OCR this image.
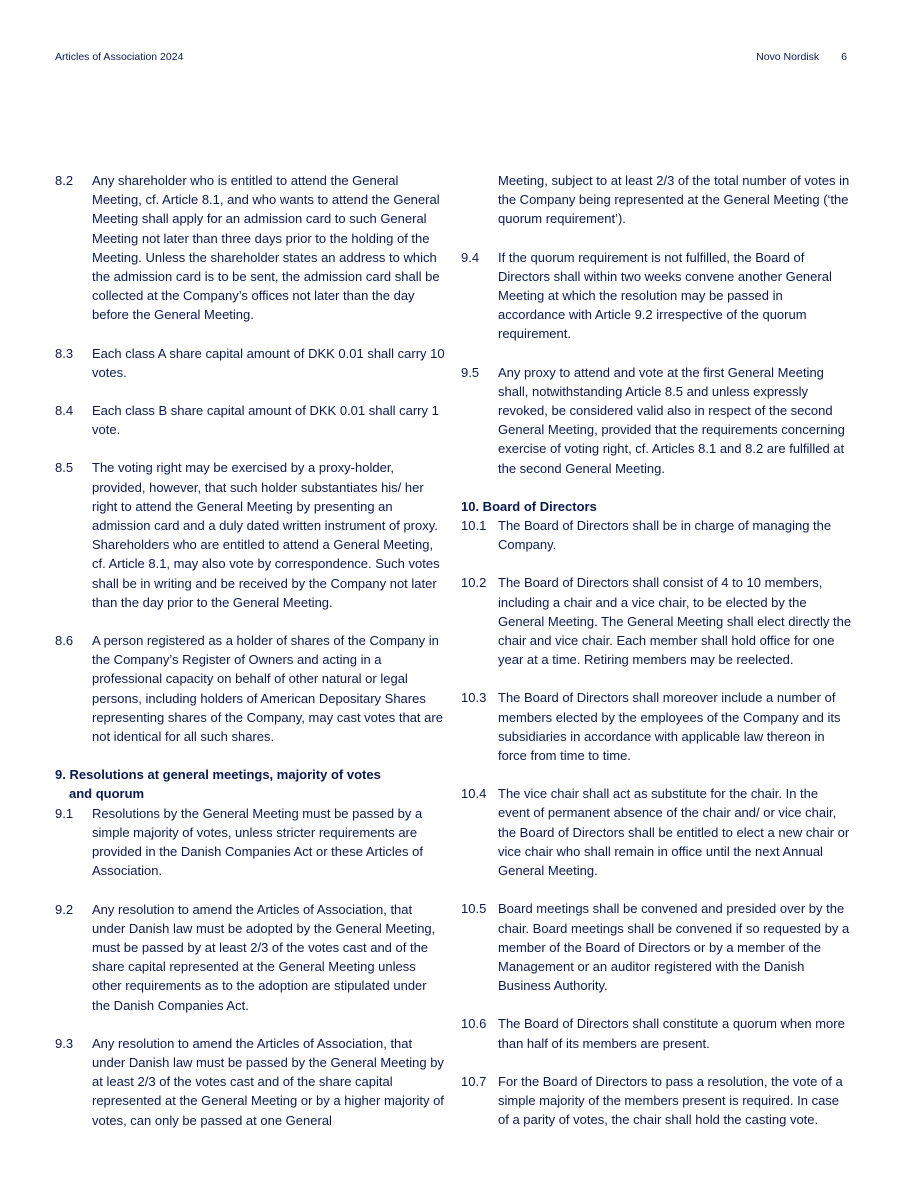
Articles of Association 2024	Novo Nordisk 6
8.2	Any shareholder who is entitled to attend the General Meeting, cf. Article 8.1, and who wants to attend the General Meeting shall apply for an admission card to such General Meeting not later than three days prior to the holding of the Meeting. Unless the shareholder states an address to which the admission card is to be sent, the admission card shall be collected at the Company’s offices not later than the day before the General Meeting.
8.3	Each class A share capital amount of DKK 0.01 shall carry 10 votes.
8.4	Each class B share capital amount of DKK 0.01 shall carry 1 vote.
8.5	The voting right may be exercised by a proxy-holder, provided, however, that such holder substantiates his/ her right to attend the General Meeting by presenting an admission card and a duly dated written instrument of proxy. Shareholders who are entitled to attend a General Meeting, cf. Article 8.1, may also vote by correspondence. Such votes shall be in writing and be received by the Company not later than the day prior to the General Meeting.
8.6	A person registered as a holder of shares of the Company in the Company’s Register of Owners and acting in a professional capacity on behalf of other natural or legal persons, including holders of American Depositary Shares representing shares of the Company, may cast votes that are not identical for all such shares.
9. Resolutions at general meetings, majority of votes
and quorum
9.1	Resolutions by the General Meeting must be passed by a simple majority of votes, unless stricter requirements are provided in the Danish Companies Act or these Articles of Association.
9.2	Any resolution to amend the Articles of Association, that under Danish law must be adopted by the General Meeting, must be passed by at least 2/3 of the votes cast and of the share capital represented at the General Meeting unless other requirements as to the adoption are stipulated under the Danish Companies Act.
9.3	Any resolution to amend the Articles of Association, that under Danish law must be passed by the General Meeting by at least 2/3 of the votes cast and of the share capital represented at the General Meeting or by a higher majority of votes, can only be passed at one General
Meeting, subject to at least 2/3 of the total number of votes in the Company being represented at the General Meeting (‘the quorum requirement’).
9.4	If the quorum requirement is not fulfilled, the Board of Directors shall within two weeks convene another General Meeting at which the resolution may be passed in accordance with Article 9.2 irrespective of the quorum requirement.
9.5	Any proxy to attend and vote at the first General Meeting shall, notwithstanding Article 8.5 and unless expressly revoked, be considered valid also in respect of the second General Meeting, provided that the requirements concerning exercise of voting right, cf. Articles 8.1 and 8.2 are fulfilled at the second General Meeting.
10. Board of Directors
10.1 The Board of Directors shall be in charge of managing the Company.
10.2 The Board of Directors shall consist of 4 to 10 members, including a chair and a vice chair, to be elected by the General Meeting. The General Meeting shall elect directly the chair and vice chair. Each member shall hold office for one year at a time. Retiring members may be reelected.
10.3 The Board of Directors shall moreover include a number of members elected by the employees of the Company and its subsidiaries in accordance with applicable law thereon in force from time to time.
10.4 The vice chair shall act as substitute for the chair. In the event of permanent absence of the chair and/ or vice chair, the Board of Directors shall be entitled to elect a new chair or vice chair who shall remain in office until the next Annual General Meeting.
10.5 Board meetings shall be convened and presided over by the chair. Board meetings shall be convened if so requested by a member of the Board of Directors or by a member of the Management or an auditor registered with the Danish Business Authority.
10.6 The Board of Directors shall constitute a quorum when more than half of its members are present.
10.7 For the Board of Directors to pass a resolution, the vote of a simple majority of the members present is required. In case of a parity of votes, the chair shall hold the casting vote.
